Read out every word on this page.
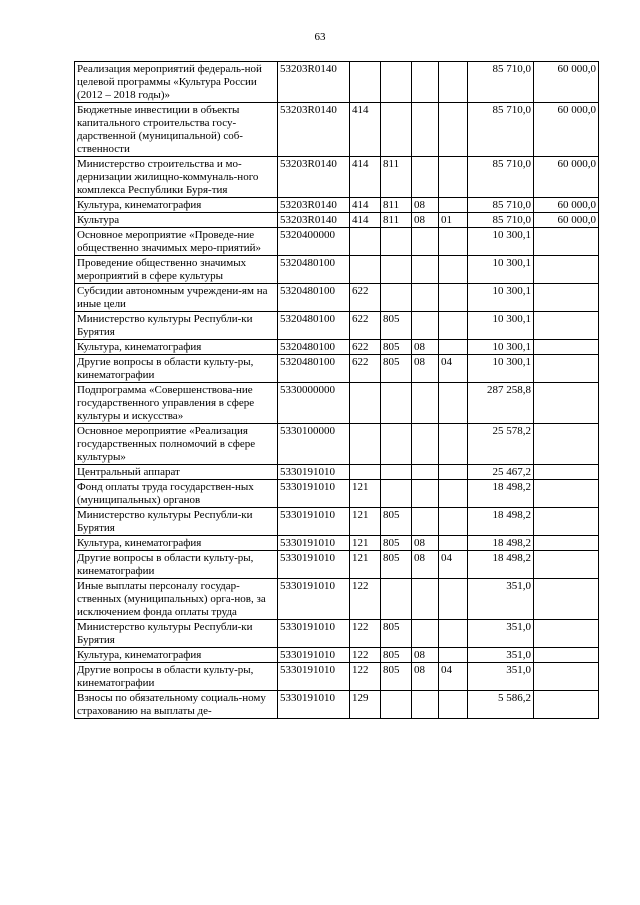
63
Реализация мероприятий федераль-ной целевой программы «Культура России (2012 – 2018 годы)»	53203R0140					85 710,0	60 000,0
Бюджетные инвестиции в объекты капитального строительства госу-дарственной (муниципальной) соб-ственности	53203R0140	414				85 710,0	60 000,0
Министерство строительства и мо-дернизации жилищно-коммуналь-ного комплекса Республики Буря-тия	53203R0140	414	811			85 710,0	60 000,0
Культура, кинематография	53203R0140	414	811	08		85 710,0	60 000,0
Культура	53203R0140	414	811	08	01	85 710,0	60 000,0
Основное мероприятие «Проведе-ние общественно значимых меро-приятий»	5320400000					10 300,1	
Проведение общественно значимых мероприятий в сфере культуры	5320480100					10 300,1	
Субсидии автономным учреждени-ям на иные цели	5320480100	622				10 300,1	
Министерство культуры Республи-ки Бурятия	5320480100	622	805			10 300,1	
Культура, кинематография	5320480100	622	805	08		10 300,1	
Другие вопросы в области культу-ры, кинематографии	5320480100	622	805	08	04	10 300,1	
Подпрограмма «Совершенствова-ние государственного управления в сфере культуры и искусства»	5330000000					287 258,8	
Основное мероприятие «Реализация государственных полномочий в сфере культуры»	5330100000					25 578,2	
Центральный аппарат	5330191010					25 467,2	
Фонд оплаты труда государствен-ных (муниципальных) органов	5330191010	121				18 498,2	
Министерство культуры Республи-ки Бурятия	5330191010	121	805			18 498,2	
Культура, кинематография	5330191010	121	805	08		18 498,2	
Другие вопросы в области культу-ры, кинематографии	5330191010	121	805	08	04	18 498,2	
Иные выплаты персоналу государ-ственных (муниципальных) орга-нов, за исключением фонда оплаты труда	5330191010	122				351,0	
Министерство культуры Республи-ки Бурятия	5330191010	122	805			351,0	
Культура, кинематография	5330191010	122	805	08		351,0	
Другие вопросы в области культу-ры, кинематографии	5330191010	122	805	08	04	351,0	
Взносы по обязательному социаль-ному страхованию на выплаты де-	5330191010	129				5 586,2	
